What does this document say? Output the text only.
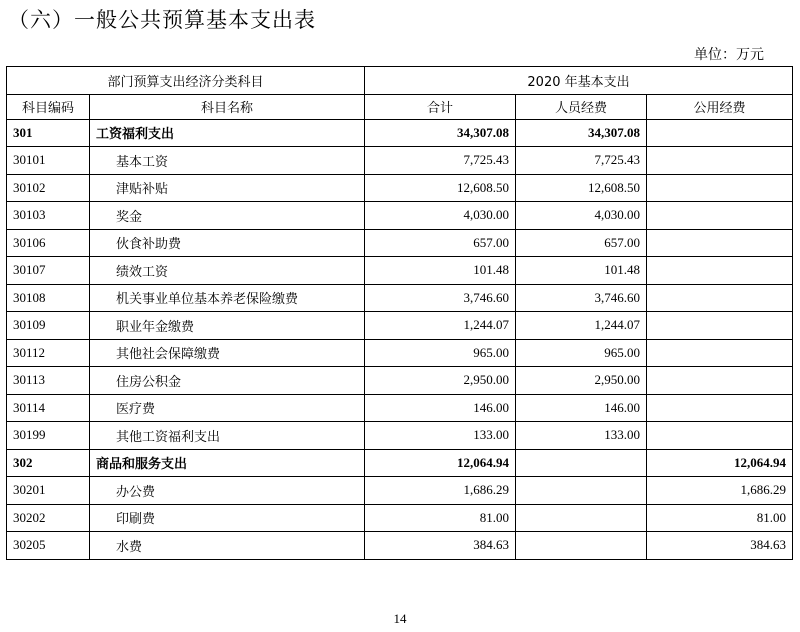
（六）一般公共预算基本支出表
单位：万元
部门预算支出经济分类科目		2020 年基本支出		
科目编码	科目名称	合计	人员经费	公用经费
301	工资福利支出	34,307.08	34,307.08	
30101	基本工资	7,725.43	7,725.43	
30102	津贴补贴	12,608.50	12,608.50	
30103	奖金	4,030.00	4,030.00	
30106	伙食补助费	657.00	657.00	
30107	绩效工资	101.48	101.48	
30108	机关事业单位基本养老保险缴费	3,746.60	3,746.60	
30109	职业年金缴费	1,244.07	1,244.07	
30112	其他社会保障缴费	965.00	965.00	
30113	住房公积金	2,950.00	2,950.00	
30114	医疗费	146.00	146.00	
30199	其他工资福利支出	133.00	133.00	
302	商品和服务支出	12,064.94		12,064.94
30201	办公费	1,686.29		1,686.29
30202	印刷费	81.00		81.00
30205	水费	384.63		384.63
14
